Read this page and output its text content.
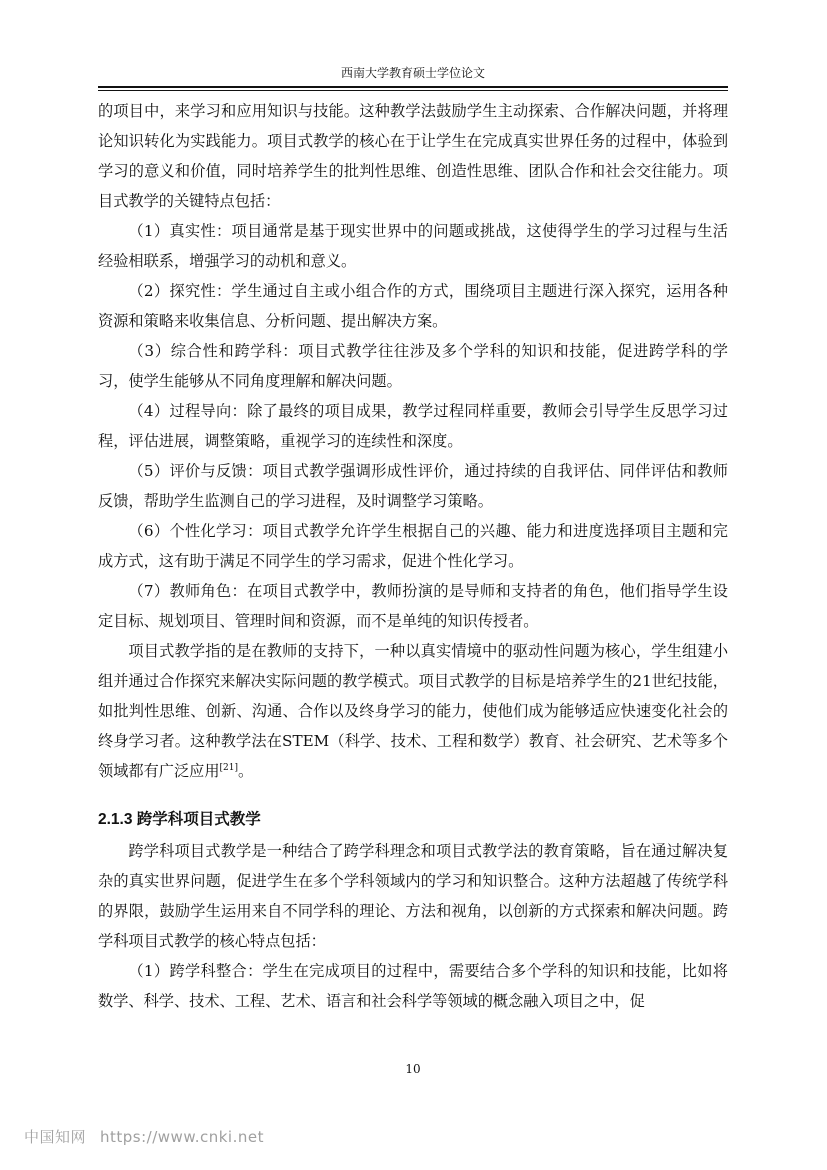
西南大学教育硕士学位论文

的项目中，来学习和应用知识与技能。这种教学法鼓励学生主动探索、合作解决问题，并将理论知识转化为实践能力。项目式教学的核心在于让学生在完成真实世界任务的过程中，体验到学习的意义和价值，同时培养学生的批判性思维、创造性思维、团队合作和社会交往能力。项目式教学的关键特点包括：

（1）真实性：项目通常是基于现实世界中的问题或挑战，这使得学生的学习过程与生活经验相联系，增强学习的动机和意义。

（2）探究性：学生通过自主或小组合作的方式，围绕项目主题进行深入探究，运用各种资源和策略来收集信息、分析问题、提出解决方案。

（3）综合性和跨学科：项目式教学往往涉及多个学科的知识和技能，促进跨学科的学习，使学生能够从不同角度理解和解决问题。

（4）过程导向：除了最终的项目成果，教学过程同样重要，教师会引导学生反思学习过程，评估进展，调整策略，重视学习的连续性和深度。

（5）评价与反馈：项目式教学强调形成性评价，通过持续的自我评估、同伴评估和教师反馈，帮助学生监测自己的学习进程，及时调整学习策略。

（6）个性化学习：项目式教学允许学生根据自己的兴趣、能力和进度选择项目主题和完成方式，这有助于满足不同学生的学习需求，促进个性化学习。

（7）教师角色：在项目式教学中，教师扮演的是导师和支持者的角色，他们指导学生设定目标、规划项目、管理时间和资源，而不是单纯的知识传授者。

项目式教学指的是在教师的支持下，一种以真实情境中的驱动性问题为核心，学生组建小组并通过合作探究来解决实际问题的教学模式。项目式教学的目标是培养学生的21世纪技能，如批判性思维、创新、沟通、合作以及终身学习的能力，使他们成为能够适应快速变化社会的终身学习者。这种教学法在STEM（科学、技术、工程和数学）教育、社会研究、艺术等多个领域都有广泛应用[21]。

2.1.3 跨学科项目式教学

跨学科项目式教学是一种结合了跨学科理念和项目式教学法的教育策略，旨在通过解决复杂的真实世界问题，促进学生在多个学科领域内的学习和知识整合。这种方法超越了传统学科的界限，鼓励学生运用来自不同学科的理论、方法和视角，以创新的方式探索和解决问题。跨学科项目式教学的核心特点包括：

（1）跨学科整合：学生在完成项目的过程中，需要结合多个学科的知识和技能，比如将数学、科学、技术、工程、艺术、语言和社会科学等领域的概念融入项目之中，促

10
中国知网 https://www.cnki.net
